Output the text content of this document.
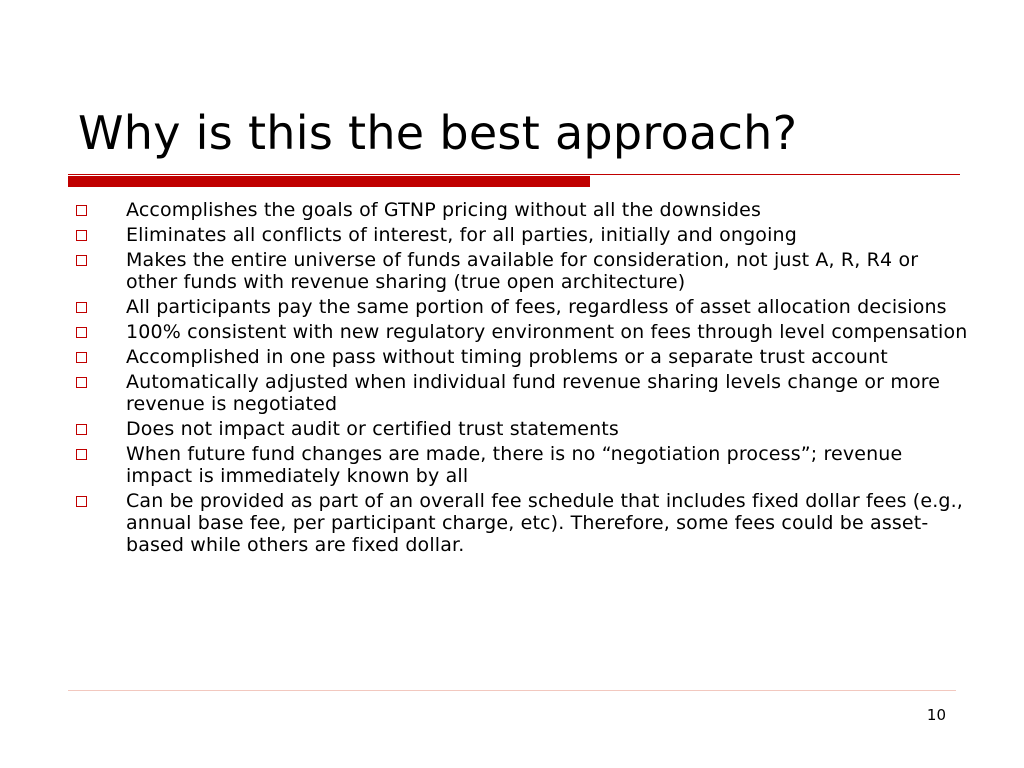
Why is this the best approach?
Accomplishes the goals of GTNP pricing without all the downsides
Eliminates all conflicts of interest, for all parties, initially and ongoing
Makes the entire universe of funds available for consideration, not just A, R, R4 or other funds with revenue sharing (true open architecture)
All participants pay the same portion of fees, regardless of asset allocation decisions
100% consistent with new regulatory environment on fees through level compensation
Accomplished in one pass without timing problems or a separate trust account
Automatically adjusted when individual fund revenue sharing levels change or more revenue is negotiated
Does not impact audit or certified trust statements
When future fund changes are made, there is no “negotiation process”; revenue impact is immediately known by all
Can be provided as part of an overall fee schedule that includes fixed dollar fees (e.g., annual base fee, per participant charge, etc). Therefore, some fees could be asset-based while others are fixed dollar.
10
